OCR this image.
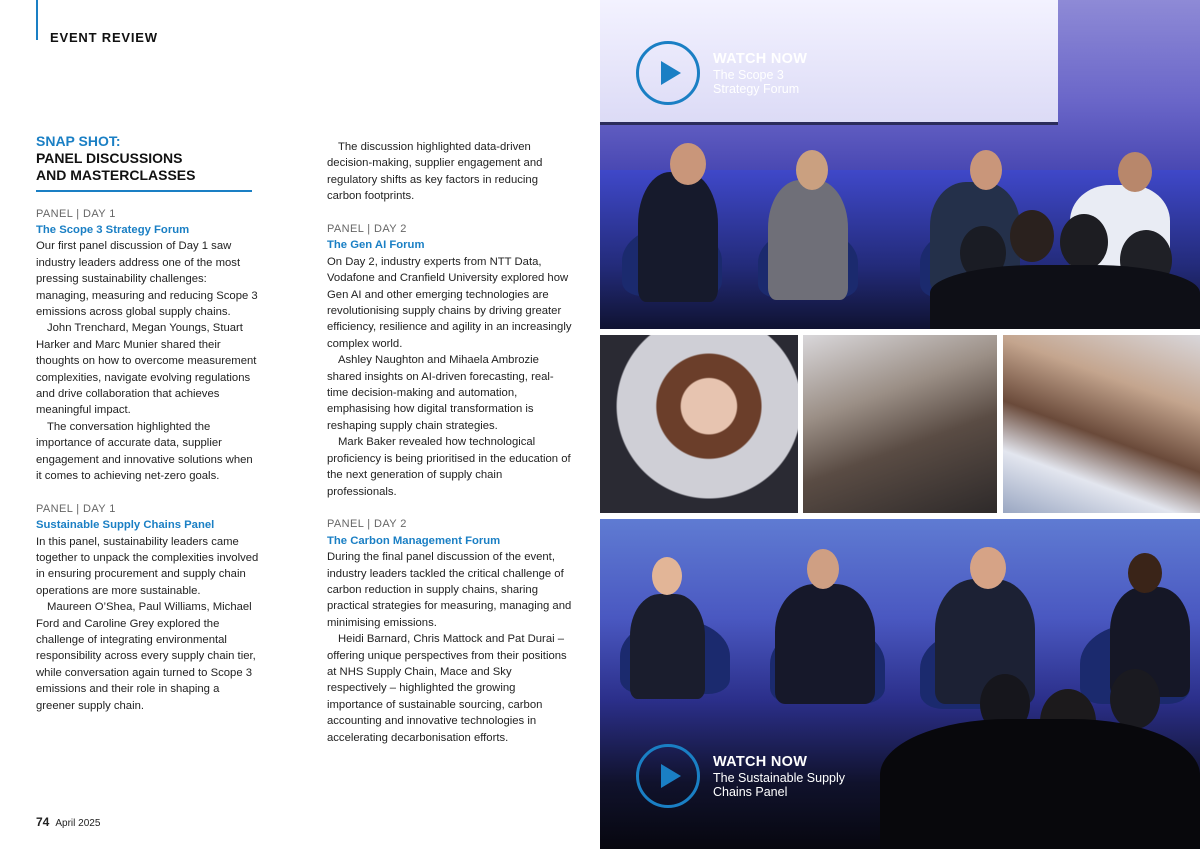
EVENT REVIEW
SNAP SHOT:
PANEL DISCUSSIONS
AND MASTERCLASSES
PANEL | DAY 1
The Scope 3 Strategy Forum
Our first panel discussion of Day 1 saw industry leaders address one of the most pressing sustainability challenges: managing, measuring and reducing Scope 3 emissions across global supply chains.
John Trenchard, Megan Youngs, Stuart Harker and Marc Munier shared their thoughts on how to overcome measurement complexities, navigate evolving regulations and drive collaboration that achieves meaningful impact.
The conversation highlighted the importance of accurate data, supplier engagement and innovative solutions when it comes to achieving net-zero goals.
PANEL | DAY 1
Sustainable Supply Chains Panel
In this panel, sustainability leaders came together to unpack the complexities involved in ensuring procurement and supply chain operations are more sustainable.
Maureen O’Shea, Paul Williams, Michael Ford and Caroline Grey explored the challenge of integrating environmental responsibility across every supply chain tier, while conversation again turned to Scope 3 emissions and their role in shaping a greener supply chain.
The discussion highlighted data-driven decision-making, supplier engagement and regulatory shifts as key factors in reducing carbon footprints.
PANEL | DAY 2
The Gen AI Forum
On Day 2, industry experts from NTT Data, Vodafone and Cranfield University explored how Gen AI and other emerging technologies are revolutionising supply chains by driving greater efficiency, resilience and agility in an increasingly complex world.
Ashley Naughton and Mihaela Ambrozie shared insights on AI-driven forecasting, real-time decision-making and automation, emphasising how digital transformation is reshaping supply chain strategies.
Mark Baker revealed how technological proficiency is being prioritised in the education of the next generation of supply chain professionals.
PANEL | DAY 2
The Carbon Management Forum
During the final panel discussion of the event, industry leaders tackled the critical challenge of carbon reduction in supply chains, sharing practical strategies for measuring, managing and minimising emissions.
Heidi Barnard, Chris Mattock and Pat Durai – offering unique perspectives from their positions at NHS Supply Chain, Mace and Sky respectively – highlighted the growing importance of sustainable sourcing, carbon accounting and innovative technologies in accelerating decarbonisation efforts.
74 April 2025
WATCH NOW
The Scope 3 Strategy Forum
WATCH NOW
The Sustainable Supply Chains Panel
